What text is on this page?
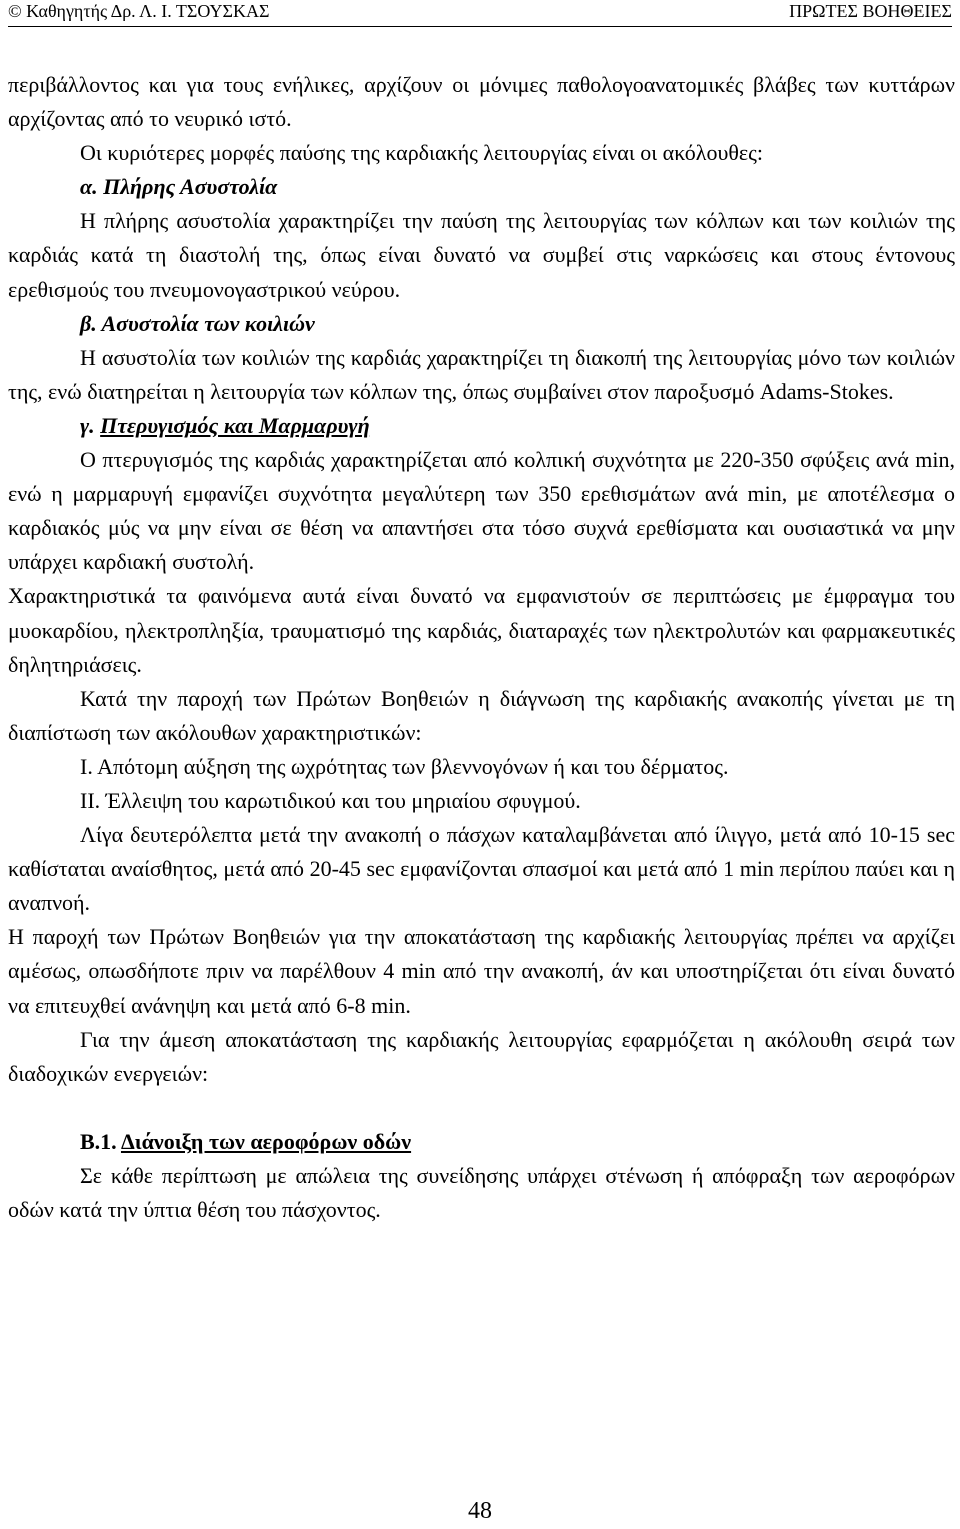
© Καθηγητής Δρ. Λ. Ι. ΤΣΟΥΣΚΑΣ	ΠΡΩΤΕΣ ΒΟΗΘΕΙΕΣ

περιβάλλοντος και για τους ενήλικες, αρχίζουν οι μόνιμες παθολογοανατομικές βλάβες των κυττάρων αρχίζοντας από το νευρικό ιστό.

Οι κυριότερες μορφές παύσης της καρδιακής λειτουργίας είναι οι ακόλουθες:

α. Πλήρης Ασυστολία

Η πλήρης ασυστολία χαρακτηρίζει την παύση της λειτουργίας των κόλπων και των κοιλιών της καρδιάς κατά τη διαστολή της, όπως είναι δυνατό να συμβεί στις ναρκώσεις και στους έντονους ερεθισμούς του πνευμονογαστρικού νεύρου.

β. Ασυστολία των κοιλιών

Η ασυστολία των κοιλιών της καρδιάς χαρακτηρίζει τη διακοπή της λειτουργίας μόνο των κοιλιών της, ενώ διατηρείται η λειτουργία των κόλπων της, όπως συμβαίνει στον παροξυσμό Adams-Stokes.

γ. Πτερυγισμός και Μαρμαρυγή

Ο πτερυγισμός της καρδιάς χαρακτηρίζεται από κολπική συχνότητα με 220-350 σφύξεις ανά min, ενώ η μαρμαρυγή εμφανίζει συχνότητα μεγαλύτερη των 350 ερεθισμάτων ανά min, με αποτέλεσμα ο καρδιακός μύς να μην είναι σε θέση να απαντήσει στα τόσο συχνά ερεθίσματα και ουσιαστικά να μην υπάρχει καρδιακή συστολή.

Χαρακτηριστικά τα φαινόμενα αυτά είναι δυνατό να εμφανιστούν σε περιπτώσεις με έμφραγμα του μυοκαρδίου, ηλεκτροπληξία, τραυματισμό της καρδιάς, διαταραχές των ηλεκτρολυτών και φαρμακευτικές δηλητηριάσεις.

Κατά την παροχή των Πρώτων Βοηθειών η διάγνωση της καρδιακής ανακοπής γίνεται με τη διαπίστωση των ακόλουθων χαρακτηριστικών:

Ι. Απότομη αύξηση της ωχρότητας των βλεννογόνων ή και του δέρματος.

ΙΙ. Έλλειψη του καρωτιδικού και του μηριαίου σφυγμού.

Λίγα δευτερόλεπτα μετά την ανακοπή ο πάσχων καταλαμβάνεται από ίλιγγο, μετά από 10-15 sec καθίσταται αναίσθητος, μετά από 20-45 sec εμφανίζονται σπασμοί και μετά από 1 min περίπου παύει και η αναπνοή.

Η παροχή των Πρώτων Βοηθειών για την αποκατάσταση της καρδιακής λειτουργίας πρέπει να αρχίζει αμέσως, οπωσδήποτε πριν να παρέλθουν 4 min από την ανακοπή, άν και υποστηρίζεται ότι είναι δυνατό να επιτευχθεί ανάνηψη και μετά από 6-8 min.

Για την άμεση αποκατάσταση της καρδιακής λειτουργίας εφαρμόζεται η ακόλουθη σειρά των διαδοχικών ενεργειών:

Β.1. Διάνοιξη των αεροφόρων οδών

Σε κάθε περίπτωση με απώλεια της συνείδησης υπάρχει στένωση ή απόφραξη των αεροφόρων οδών κατά την ύπτια θέση του πάσχοντος.

48
